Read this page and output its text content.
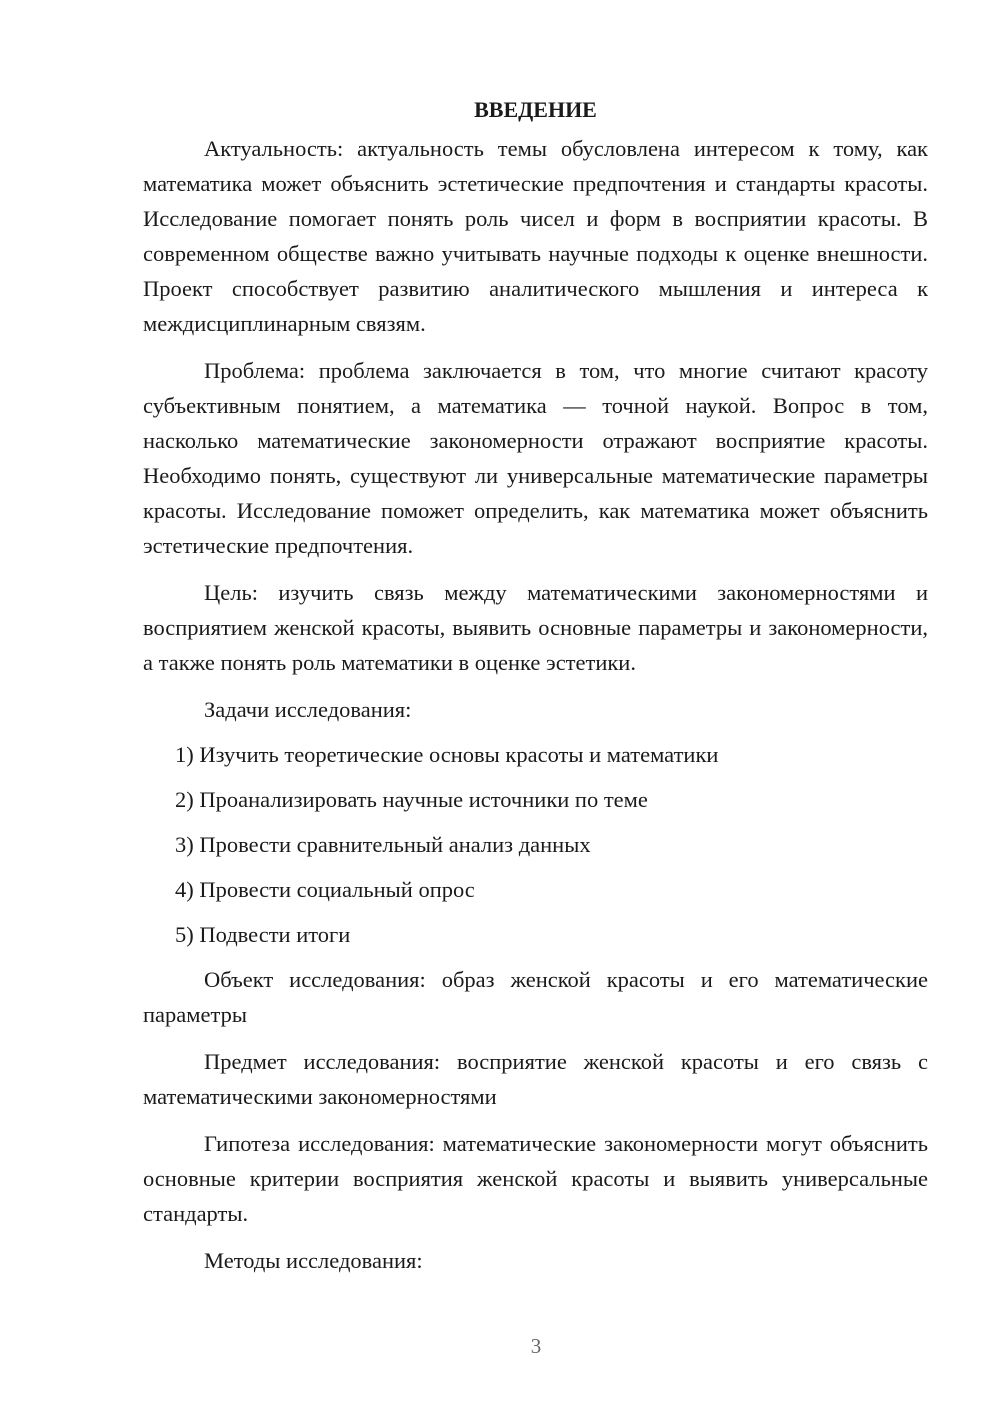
ВВЕДЕНИЕ

Актуальность: актуальность темы обусловлена интересом к тому, как математика может объяснить эстетические предпочтения и стандарты красоты. Исследование помогает понять роль чисел и форм в восприятии красоты. В современном обществе важно учитывать научные подходы к оценке внешности. Проект способствует развитию аналитического мышления и интереса к междисциплинарным связям.

Проблема: проблема заключается в том, что многие считают красоту субъективным понятием, а математика — точной наукой. Вопрос в том, насколько математические закономерности отражают восприятие красоты. Необходимо понять, существуют ли универсальные математические параметры красоты. Исследование поможет определить, как математика может объяснить эстетические предпочтения.

Цель: изучить связь между математическими закономерностями и восприятием женской красоты, выявить основные параметры и закономерности, а также понять роль математики в оценке эстетики.

Задачи исследования:

1) Изучить теоретические основы красоты и математики
2) Проанализировать научные источники по теме
3) Провести сравнительный анализ данных
4) Провести социальный опрос
5) Подвести итоги

Объект исследования: образ женской красоты и его математические параметры

Предмет исследования: восприятие женской красоты и его связь с математическими закономерностями

Гипотеза исследования: математические закономерности могут объяснить основные критерии восприятия женской красоты и выявить универсальные стандарты.

Методы исследования:

3
